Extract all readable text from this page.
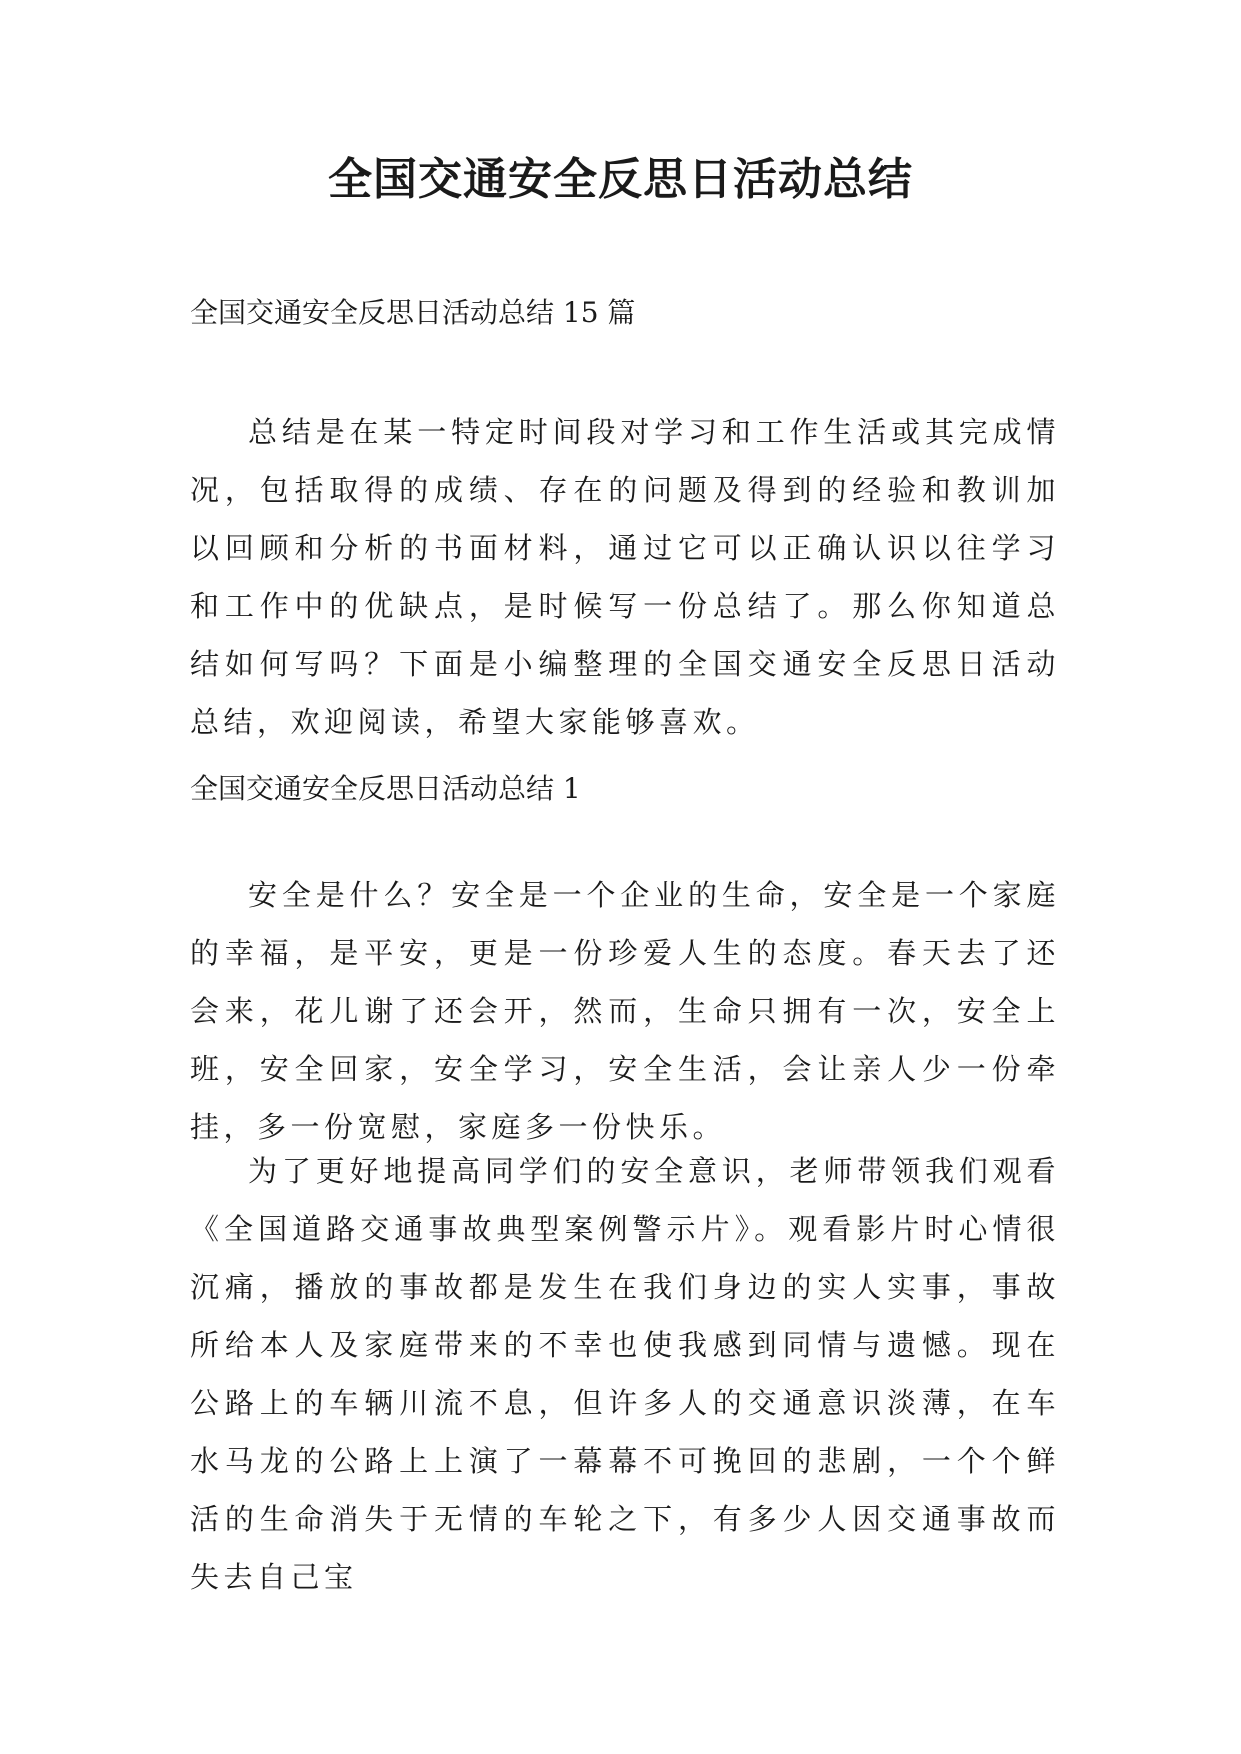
全国交通安全反思日活动总结
全国交通安全反思日活动总结 15 篇

总结是在某一特定时间段对学习和工作生活或其完成情况，包括取得的成绩、存在的问题及得到的经验和教训加以回顾和分析的书面材料，通过它可以正确认识以往学习和工作中的优缺点，是时候写一份总结了。那么你知道总结如何写吗？下面是小编整理的全国交通安全反思日活动总结，欢迎阅读，希望大家能够喜欢。

全国交通安全反思日活动总结 1

安全是什么？安全是一个企业的生命，安全是一个家庭的幸福，是平安，更是一份珍爱人生的态度。春天去了还会来，花儿谢了还会开，然而，生命只拥有一次，安全上班，安全回家，安全学习，安全生活，会让亲人少一份牵挂，多一份宽慰，家庭多一份快乐。

为了更好地提高同学们的安全意识，老师带领我们观看《全国道路交通事故典型案例警示片》。观看影片时心情很沉痛，播放的事故都是发生在我们身边的实人实事，事故所给本人及家庭带来的不幸也使我感到同情与遗憾。现在公路上的车辆川流不息，但许多人的交通意识淡薄，在车水马龙的公路上上演了一幕幕不可挽回的悲剧，一个个鲜活的生命消失于无情的车轮之下，有多少人因交通事故而失去自己宝
